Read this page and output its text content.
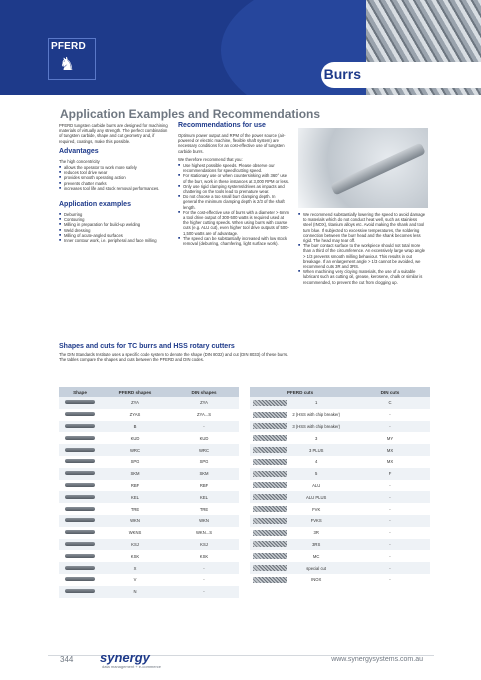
PFERD
♞	Burrs
Application Examples and Recommendations

PFERD tungsten carbide burrs are designed for machining materials of virtually any strength. The perfect combination of tungsten carbide, shape and cut geometry and, if required, coatings, make this possible.

Advantages

The high concentricity

■ allows the operator to work more safely
■ reduces tool drive wear
■ provides smooth operating action
■ prevents chatter marks
■ increases tool life and stock removal performances.
Application examples
■ Deburring
■ Contouring
■ Milling in preparation for build-up welding
■ Weld dressing
■ Milling of acute-angled surfaces
■ Inner contour work, i.e. peripheral and face milling
Recommendations for use

Optimum power output and RPM of the power source (air-powered or electric machine, flexible shaft system) are necessary conditions for an cost-effective use of tungsten carbide burrs.

We therefore recommend that you:

■ Use highest possible speeds. Please observe our recommendations for speed/cutting speed.
■ For stationary use or when countersinking with 360° use of the burr, work in these instances at 3,000 RPM or less.
■ Only use rigid clamping systems/drives as impacts and chattering on the tools lead to premature wear.
■ Do not choose a too small burr clamping depth. In general the minimum clamping depth is 2/3 of the shaft length.
■ For the cost-effective use of burrs with a diameter > 6mm a tool drive output of 300-500 watts is required used at the higher cutting speeds. When using burrs with coarse cuts (e.g. ALU cut), even higher tool drive outputs of 500-1,500 watts are of advantage.
■ The speed can be substantially increased with low stock removal (deburring, chamfering, light surface work).
■ We recommend substantially lowering the speed to avoid damage to materials which do not conduct heat well, such as stainless steel (INOX), titanium alloys etc. Avoid making the shank and tool turn blue. If subjected to excessive temperatures, the soldering connection between the burr head and the shank becomes less rigid. The head may tear off.
■ The burr contact surface to the workpiece should not total more than a third of the circumference. An excessively large wrap angle > 1/3 prevents smooth milling behaviour. This results in out breakage. If an enlargement angle > 1/3 cannot be avoided, we recommend cuts 3R and 3RS.
■ When machining very cloying materials, the use of a suitable lubricant such as cutting oil, grease, kerosene, chalk or similar is recommended, to prevent the cut from clogging up.
Shapes and cuts for TC burrs and HSS rotary cutters

The DIN Standards Institute uses a specific code system to denote the shape (DIN 8032) and cut (DIN 8033) of these burrs.

The tables compare the shapes and cuts between the PFERD and DIN codes.

Shape	PFERD shapes	DIN shapes
	ZYA	ZYA
	ZYAS	ZYA...S
	B	-
	KUD	KUD
	WRC	WRC
	SPG	SPG
	SKM	SKM
	RBF	RBF
	KEL	KEL
	TRE	TRE
	WKN	WKN
	WKNS	WKN...S
	KSJ	KSJ
	KSK	KSK
	X	-
	V	-
	N	-
PFERD cuts	DIN cuts
1	C
2 (HSS with chip breaker)	-
3 (HSS with chip breaker)	-
3	MY
3 PLUS	MX
4	MX
5	F
ALU	-
ALU PLUS	-
FVK	-
FVKS	-
3R	-
3RS	-
MC	-
special cut	-
INOX	-
344 synergy
data management + e-commerce
www.synergysystems.com.au
